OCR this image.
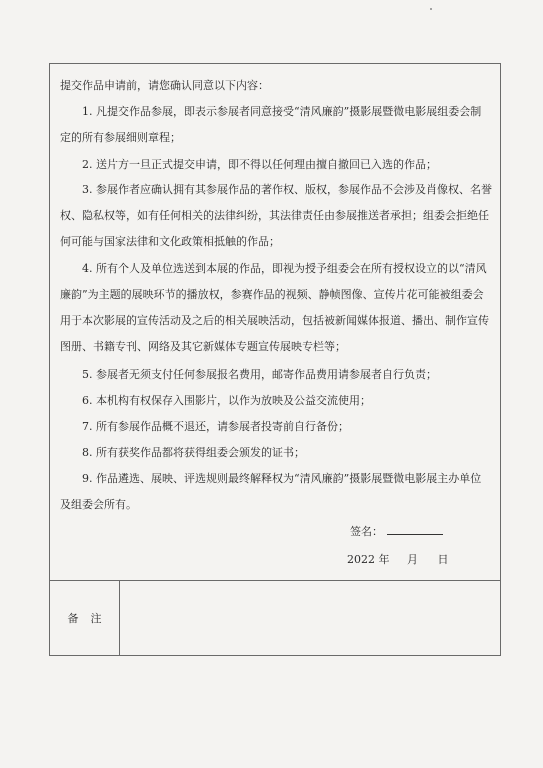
提交作品申请前，请您确认同意以下内容：

1. 凡提交作品参展，即表示参展者同意接受“清风廉韵”摄影展暨微电影展组委会制定的所有参展细则章程；

2. 送片方一旦正式提交申请，即不得以任何理由擅自撤回已入选的作品；

3. 参展作者应确认拥有其参展作品的著作权、版权，参展作品不会涉及肖像权、名誉权、隐私权等，如有任何相关的法律纠纷，其法律责任由参展推送者承担；组委会拒绝任何可能与国家法律和文化政策相抵触的作品；

4. 所有个人及单位选送到本展的作品，即视为授予组委会在所有授权设立的以“清风廉韵”为主题的展映环节的播放权，参赛作品的视频、静帧图像、宣传片花可能被组委会用于本次影展的宣传活动及之后的相关展映活动，包括被新闻媒体报道、播出、制作宣传图册、书籍专刊、网络及其它新媒体专题宣传展映专栏等；

5. 参展者无须支付任何参展报名费用，邮寄作品费用请参展者自行负责；

6. 本机构有权保存入围影片，以作为放映及公益交流使用；

7. 所有参展作品概不退还，请参展者投寄前自行备份；

8. 所有获奖作品都将获得组委会颁发的证书；

9. 作品遴选、展映、评选规则最终解释权为“清风廉韵”摄影展暨微电影展主办单位及组委会所有。

签名：
2022 年 月 日
备注
